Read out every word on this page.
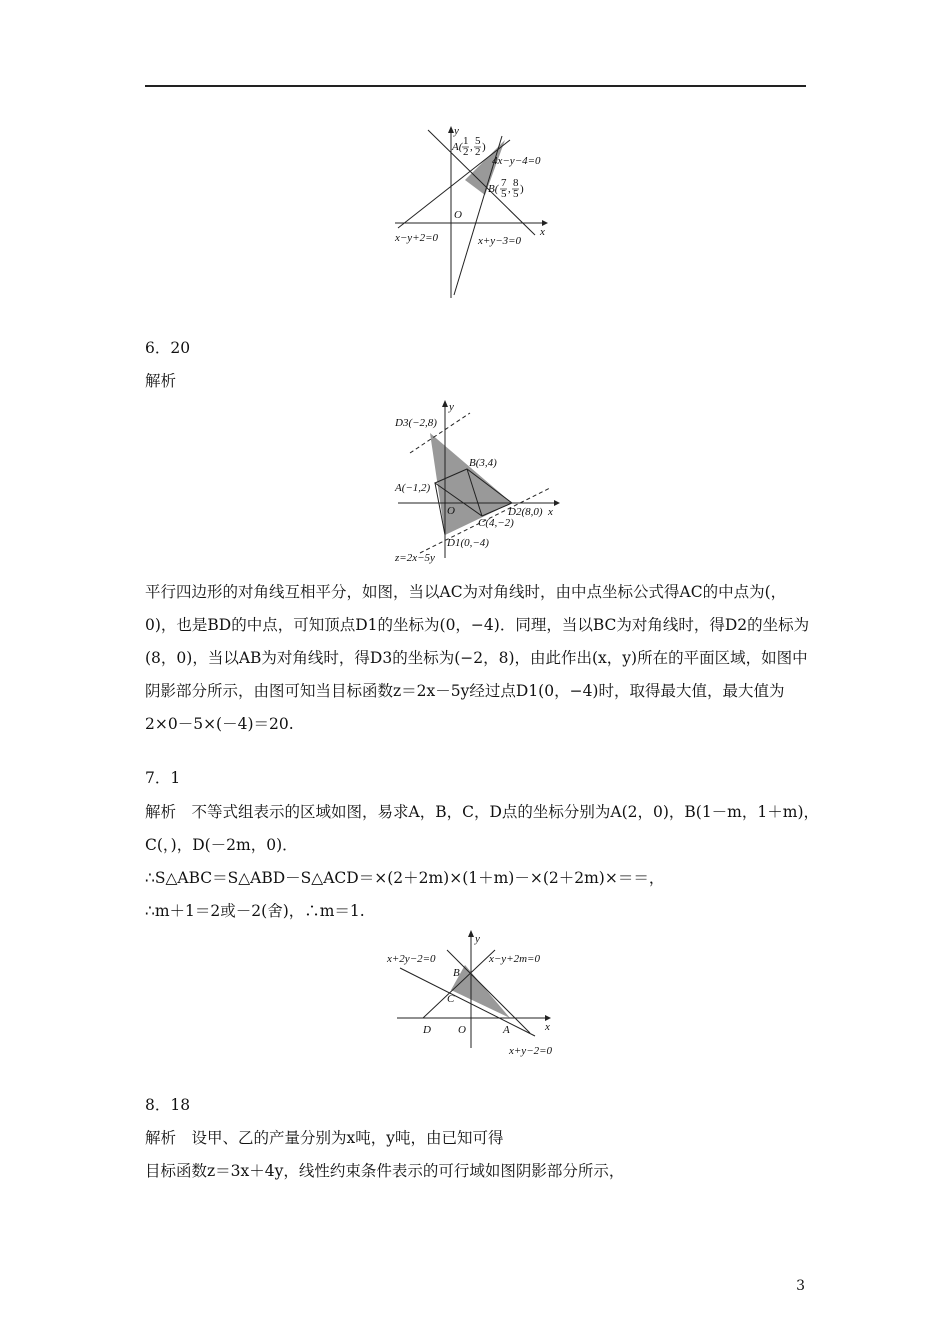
A( 1
2 , 5
2 )
4x−y−4=0
B( 7
5 , 8
5 )
O
x
y
x−y+2=0	x+y−3=0
6．20
解析
D3(−2,8)
B(3,4)
A(−1,2)
D2(8,0)
C(4,−2)
D1(0,−4)
z=2x−5y
O	x
y
平行四边形的对角线互相平分，如图，当以AC为对角线时，由中点坐标公式得AC的中点为(，0)，也是BD的中点，可知顶点D1的坐标为(0，−4)．同理，当以BC为对角线时，得D2的坐标为(8，0)，当以AB为对角线时，得D3的坐标为(−2，8)，由此作出(x，y)所在的平面区域，如图中阴影部分所示，由图可知当目标函数z＝2x－5y经过点D1(0，−4)时，取得最大值，最大值为2×0－5×(－4)＝20.
7．1
解析　不等式组表示的区域如图，易求A，B，C，D点的坐标分别为A(2，0)，B(1－m，1＋m)，
C(，)，D(－2m，0)．
∴S△ABC＝S△ABD－S△ACD＝×(2＋2m)×(1＋m)－×(2＋2m)×＝＝，
∴m＋1＝2或－2(舍)，∴m＝1.
x+2y−2=0	x−y+2m=0
B
C
D O	A	x
y
x+y−2=0
8．18
解析　设甲、乙的产量分别为x吨，y吨，由已知可得
目标函数z＝3x＋4y，线性约束条件表示的可行域如图阴影部分所示，
3
